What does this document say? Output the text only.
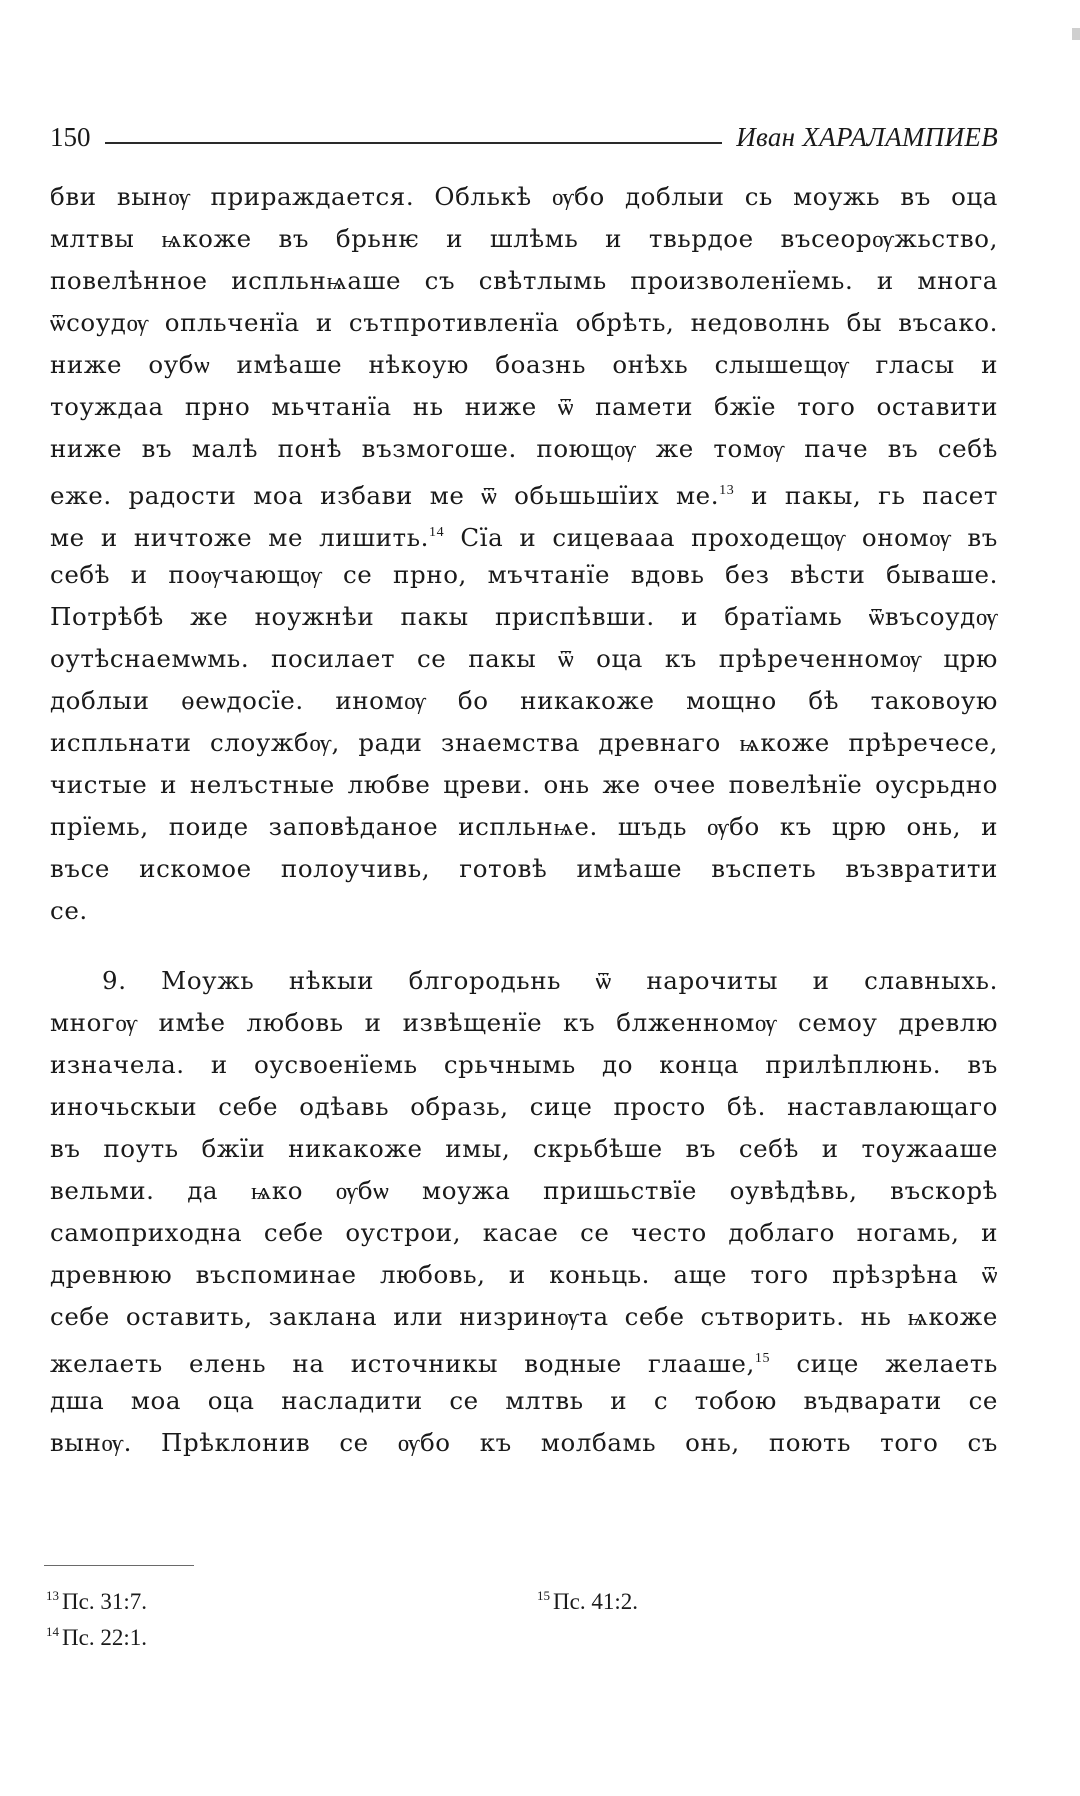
150	Иван ХАРАЛАМПИЕВ
бви вынѹ прираждается. Облькѣ ѹбо доблыи сь моужь въ оца
млтвы ѩкоже въ брьнѥ и шлѣмь и твьрдое въсеорѹжьство,
повелѣнное испльнѩаше съ свѣтлымь произволенїемь. и многа
ѿсоудѹ опльченїа и сътпротивленїа обрѣть, недоволнь бы въсако.
ниже оубѡ имѣаше нѣкоую боазнь онѣхь слышещѹ гласы и
тоуждаа прно мьчтанїа нь ниже ѿ памети бжїе того оставити
ниже въ малѣ понѣ възмогоше. поющѹ же томѹ паче въ себѣ
еже. радости моа избави ме ѿ обьшьшїих ме.$^{13}$ и пакы, гь пасет
ме и ничтоже ме лишить.$^{14}$ Сїа и сицевааа проходещѹ ономѹ въ
себѣ и поѹчающѹ се прно, мъчтанїе вдовь без вѣсти бываше.
Потрѣбѣ же ноужнѣи пакы приспѣвши. и братїамь ѿвъсоудѹ
оутѣснаемѡмь. посилает се пакы ѿ оца къ прѣреченномѹ црю
доблыи ѳеѡдосїе. иномѹ бо никакоже мощно бѣ таковоую
испльнати слоужбѹ, ради знаемства древнаго ѩкоже прѣречесе,
чистые и нелъстные любве цреви. онь же очее повелѣнїе оусрьдно
прїемь, поиде заповѣданое испльнѩе. шъдь ѹбо къ црю онь, и
въсе искомое полоучивь, готовѣ имѣаше въспеть възвратити
се.
9. Моужь нѣкыи блгородьнь ѿ нарочиты и славныхь.
многѹ имѣе любовь и извѣщенїе къ блженномѹ семоу древлю
изначела. и оусвоенїемь срьчнымь до конца прилѣплюнь. въ
иночьскыи себе одѣавь образь, сице просто бѣ. наставлающаго
въ поуть бжїи никакоже имы, скрьбѣше въ себѣ и тоужааше
вельми. да ѩко ѹбѡ моужа пришьствїе оувѣдѣвь, въскорѣ
самоприходна себе оустрои, касае се често доблаго ногамь, и
древнюю въспоминае любовь, и коньць. аще того прѣзрѣна ѿ
себе оставить, заклана или низринѹта себе сътворить. нь ѩкоже
желаеть елень на источникы водные глааше,$^{15}$ сице желаеть
дша моа оца насладити се млтвь и с тобою въдварати се
вынѹ. Прѣклонив се ѹбо къ молбамь онь, поють того съ
$^{13}$ Пс. 31:7.
$^{14}$ Пс. 22:1.
$^{15}$ Пс. 41:2.
